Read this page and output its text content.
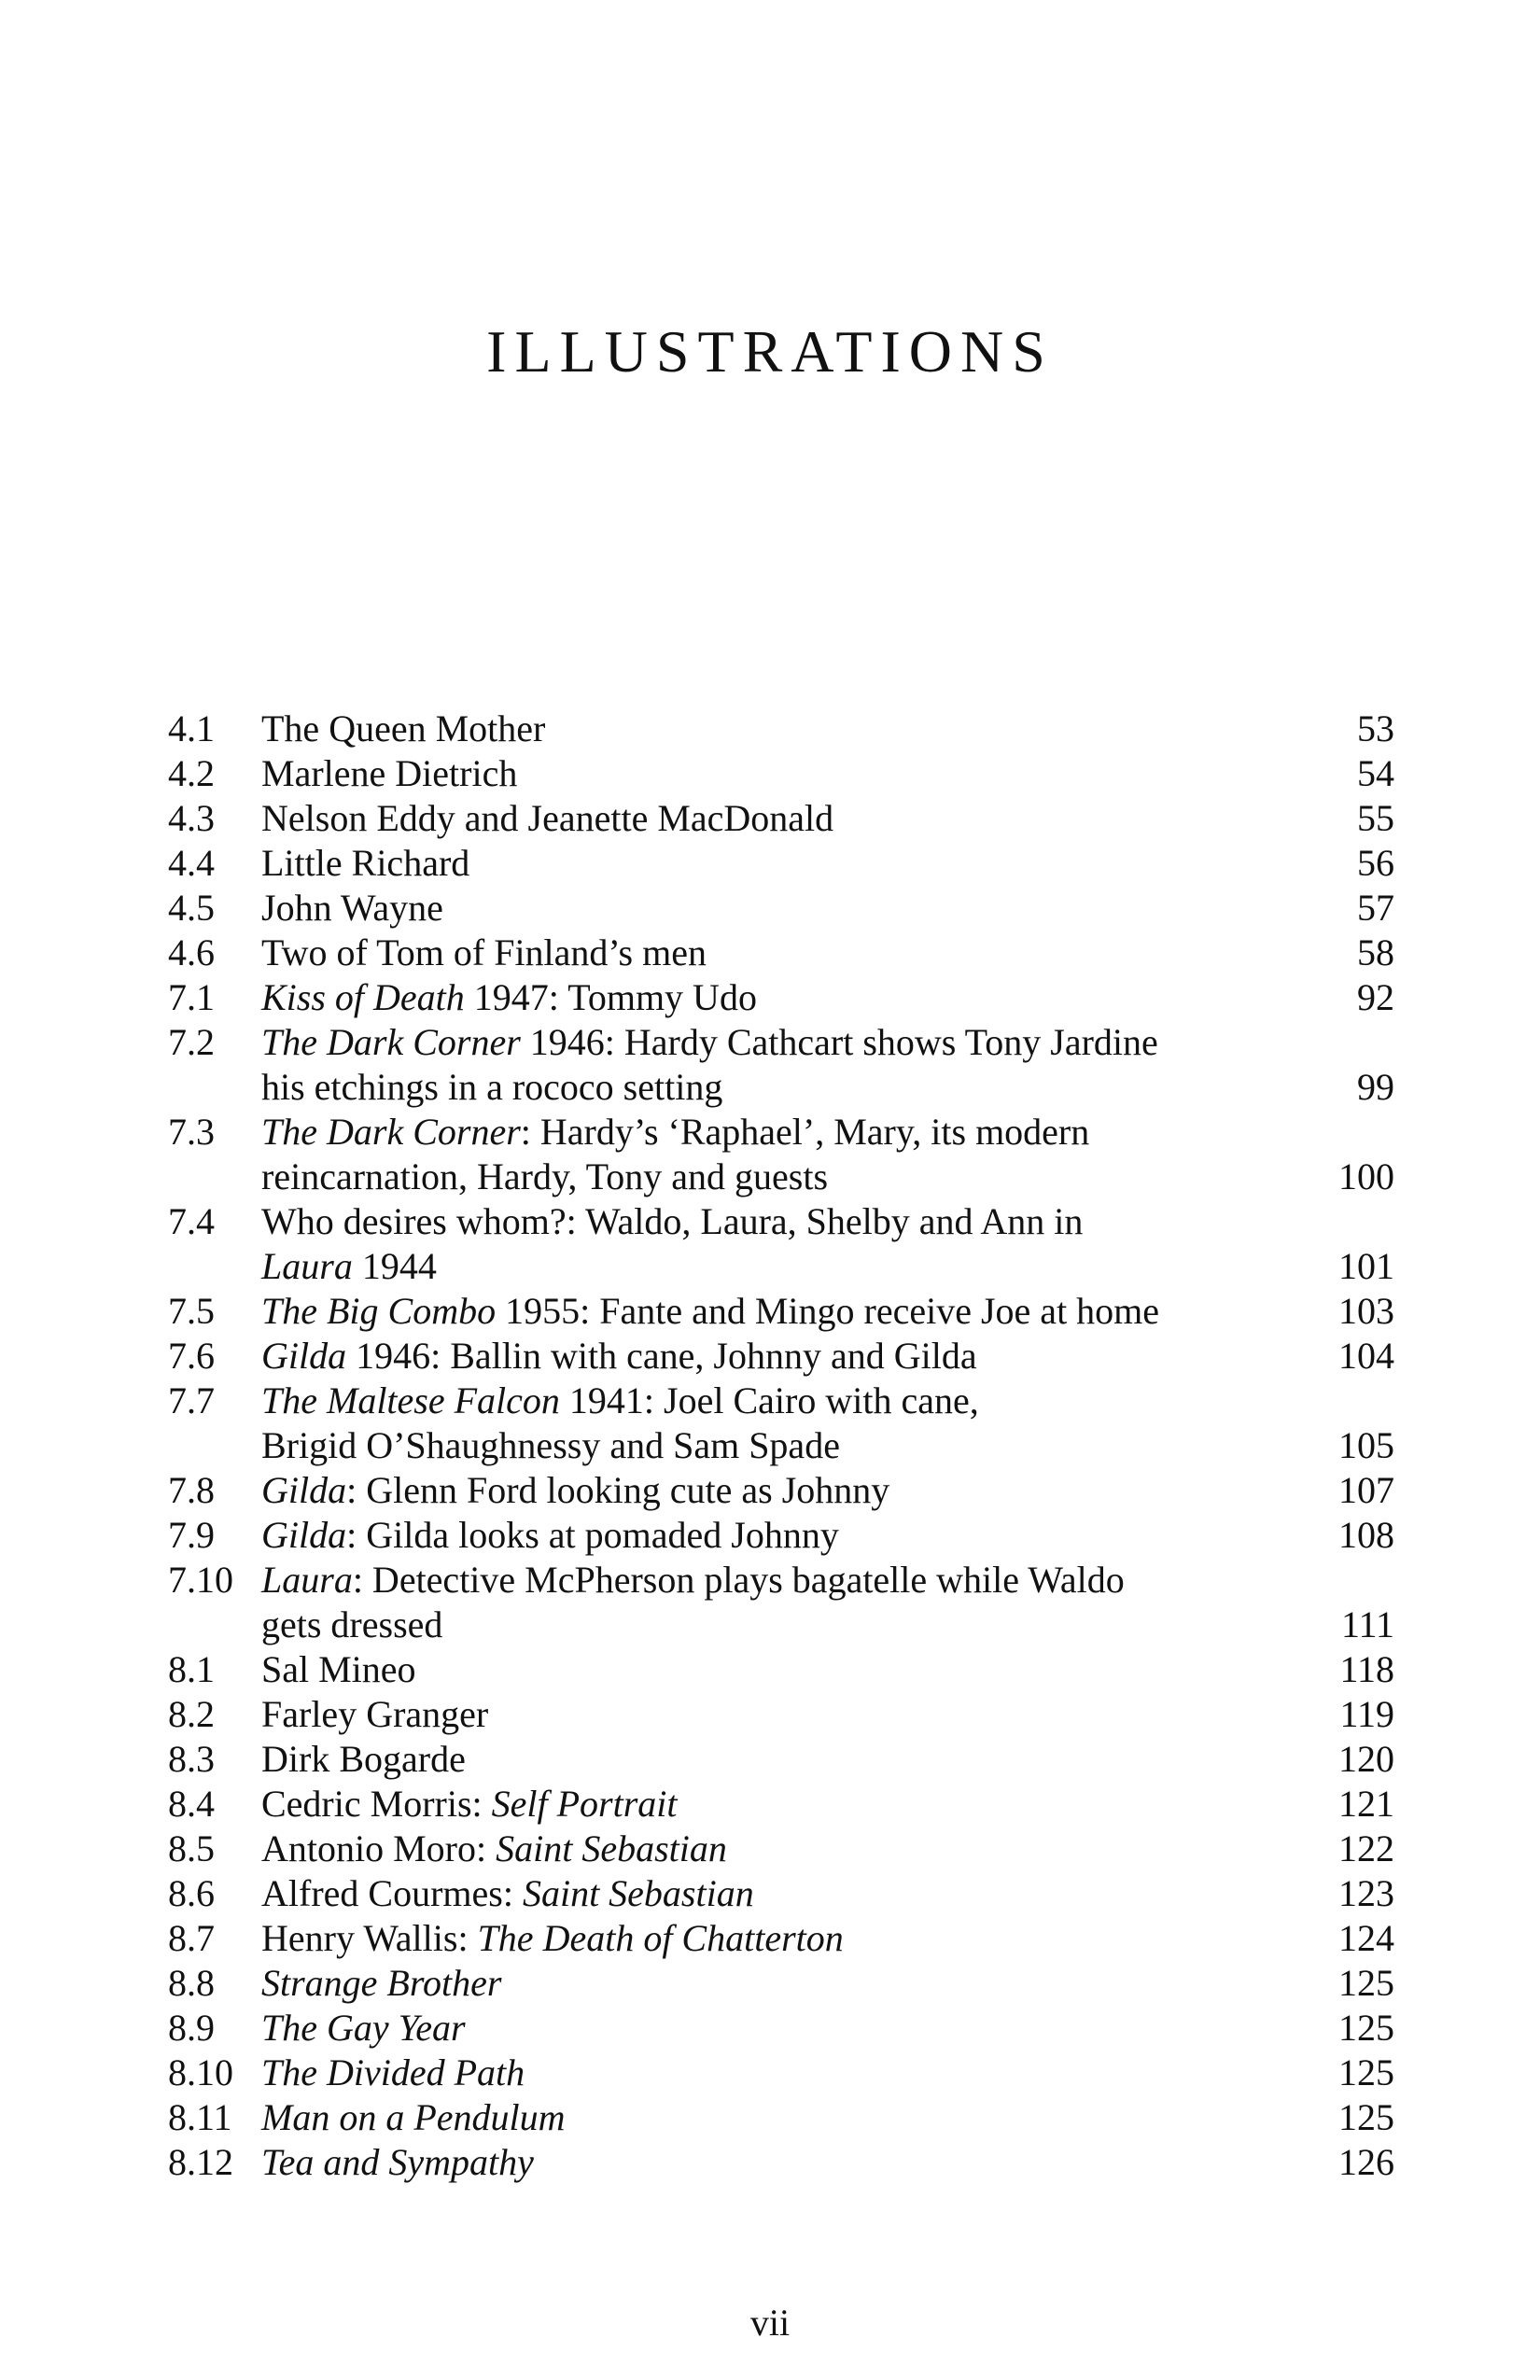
ILLUSTRATIONS
4.1	The Queen Mother	53
4.2	Marlene Dietrich	54
4.3	Nelson Eddy and Jeanette MacDonald	55
4.4	Little Richard	56
4.5	John Wayne	57
4.6	Two of Tom of Finland’s men	58
7.1	Kiss of Death 1947: Tommy Udo	92
7.2	The Dark Corner 1946: Hardy Cathcart shows Tony Jardine
his etchings in a rococo setting	99
7.3	The Dark Corner: Hardy’s ‘Raphael’, Mary, its modern
reincarnation, Hardy, Tony and guests	100
7.4	Who desires whom?: Waldo, Laura, Shelby and Ann in
Laura 1944	101
7.5	The Big Combo 1955: Fante and Mingo receive Joe at home	103
7.6	Gilda 1946: Ballin with cane, Johnny and Gilda	104
7.7	The Maltese Falcon 1941: Joel Cairo with cane,
Brigid O’Shaughnessy and Sam Spade	105
7.8	Gilda: Glenn Ford looking cute as Johnny	107
7.9	Gilda: Gilda looks at pomaded Johnny	108
7.10 Laura: Detective McPherson plays bagatelle while Waldo
gets dressed	111
8.1	Sal Mineo	118
8.2	Farley Granger	119
8.3	Dirk Bogarde	120
8.4	Cedric Morris: Self Portrait	121
8.5	Antonio Moro: Saint Sebastian	122
8.6	Alfred Courmes: Saint Sebastian	123
8.7	Henry Wallis: The Death of Chatterton	124
8.8	Strange Brother	125
8.9	The Gay Year	125
8.10 The Divided Path	125
8.11 Man on a Pendulum	125
8.12 Tea and Sympathy	126
vii
